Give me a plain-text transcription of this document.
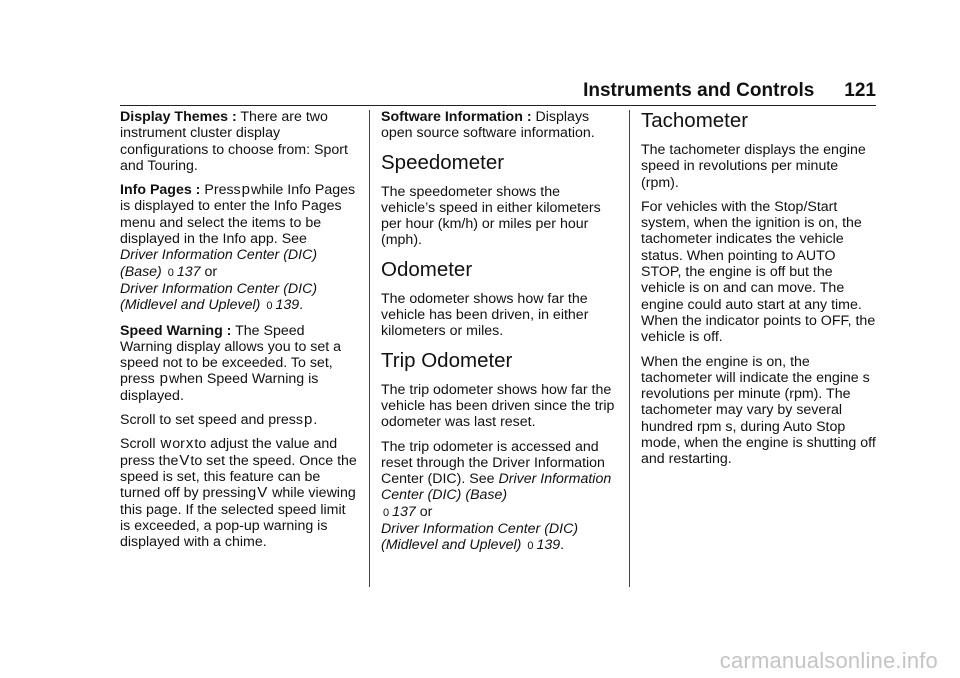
Instruments and Controls 121

Display Themes : There are two instrument cluster display configurations to choose from: Sport and Touring.

Info Pages : Presspwhile Info Pages is displayed to enter the Info Pages menu and select the items to be displayed in the Info app. See
Driver Information Center (DIC) (Base) 0 137 or
Driver Information Center (DIC) (Midlevel and Uplevel) 0 139.

Speed Warning : The Speed Warning display allows you to set a speed not to be exceeded. To set, press pwhen Speed Warning is displayed.

Scroll to set speed and pressp.

Scroll worxto adjust the value and press theVto set the speed. Once the speed is set, this feature can be turned off by pressingV while viewing this page. If the selected speed limit is exceeded, a pop-up warning is displayed with a chime.

Software Information : Displays open source software information.

Speedometer

The speedometer shows the vehicle’s speed in either kilometers per hour (km/h) or miles per hour (mph).

Odometer

The odometer shows how far the vehicle has been driven, in either kilometers or miles.

Trip Odometer

The trip odometer shows how far the vehicle has been driven since the trip odometer was last reset.

The trip odometer is accessed and reset through the Driver Information Center (DIC). See Driver Information Center (DIC) (Base)
0 137 or
Driver Information Center (DIC) (Midlevel and Uplevel) 0 139.

Tachometer

The tachometer displays the engine speed in revolutions per minute (rpm).

For vehicles with the Stop/Start system, when the ignition is on, the tachometer indicates the vehicle status. When pointing to AUTO STOP, the engine is off but the vehicle is on and can move. The engine could auto start at any time. When the indicator points to OFF, the vehicle is off.

When the engine is on, the tachometer will indicate the engine s revolutions per minute (rpm). The tachometer may vary by several hundred rpm s, during Auto Stop mode, when the engine is shutting off and restarting.

carmanualsonline.info
